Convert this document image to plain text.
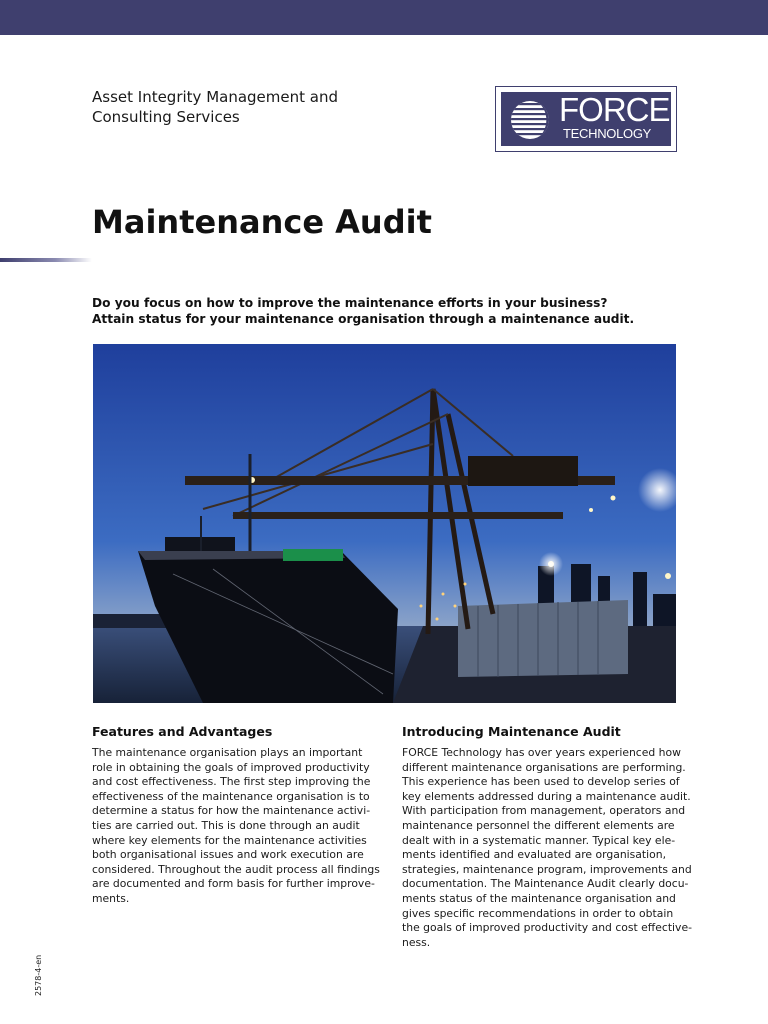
Asset Integrity Management and
Consulting Services	FORCE
TECHNOLOGY
Maintenance Audit
Do you focus on how to improve the maintenance efforts in your business?
Attain status for your maintenance organisation through a maintenance audit.
Features and Advantages

The maintenance organisation plays an important
role in obtaining the goals of improved productivity
and cost effectiveness. The first step improving the
effectiveness of the maintenance organisation is to
determine a status for how the maintenance activi-
ties are carried out. This is done through an audit
where key elements for the maintenance activities
both organisational issues and work execution are
considered. Throughout the audit process all findings
are documented and form basis for further improve-
ments.

Introducing Maintenance Audit

FORCE Technology has over years experienced how
different maintenance organisations are performing.
This experience has been used to develop series of
key elements addressed during a maintenance audit.
With participation from management, operators and
maintenance personnel the different elements are
dealt with in a systematic manner. Typical key ele-
ments identified and evaluated are organisation,
strategies, maintenance program, improvements and
documentation. The Maintenance Audit clearly docu-
ments status of the maintenance organisation and
gives specific recommendations in order to obtain
the goals of improved productivity and cost effective-
ness.

2578-4-en
